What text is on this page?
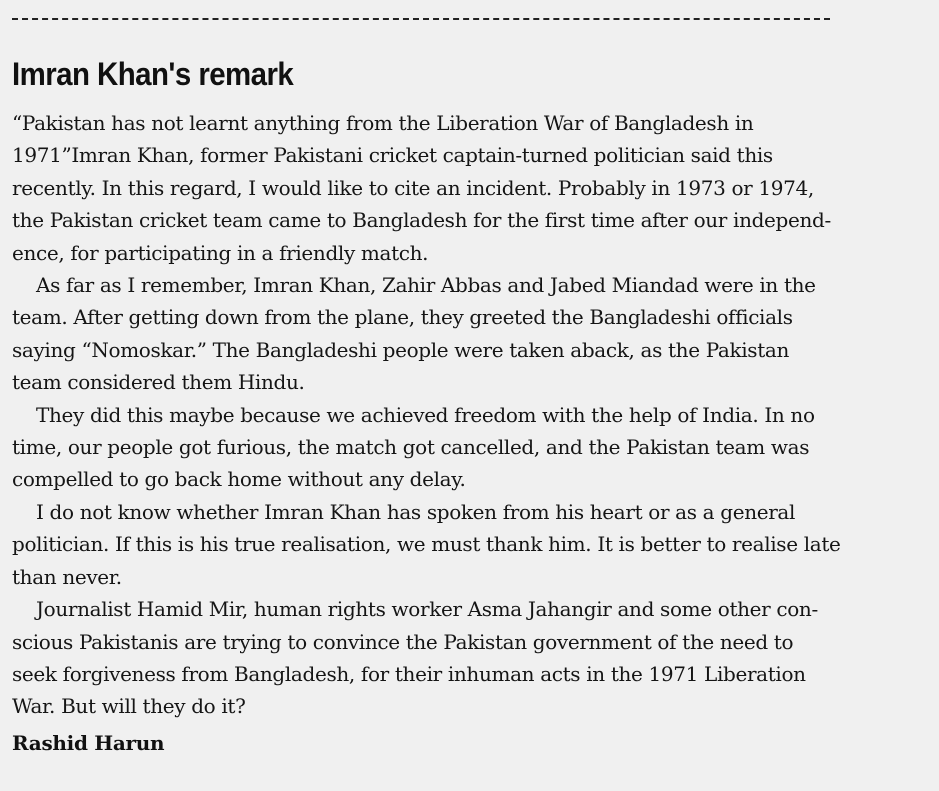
Imran Khan's remark
“Pakistan has not learnt anything from the Liberation War of Bangladesh in
1971”Imran Khan, former Pakistani cricket captain-turned politician said this
recently. In this regard, I would like to cite an incident. Probably in 1973 or 1974,
the Pakistan cricket team came to Bangladesh for the first time after our independ-
ence, for participating in a friendly match.
As far as I remember, Imran Khan, Zahir Abbas and Jabed Miandad were in the
team. After getting down from the plane, they greeted the Bangladeshi officials
saying “Nomoskar.” The Bangladeshi people were taken aback, as the Pakistan
team considered them Hindu.
They did this maybe because we achieved freedom with the help of India. In no
time, our people got furious, the match got cancelled, and the Pakistan team was
compelled to go back home without any delay.
I do not know whether Imran Khan has spoken from his heart or as a general
politician. If this is his true realisation, we must thank him. It is better to realise late
than never.
Journalist Hamid Mir, human rights worker Asma Jahangir and some other con-
scious Pakistanis are trying to convince the Pakistan government of the need to
seek forgiveness from Bangladesh, for their inhuman acts in the 1971 Liberation
War. But will they do it?
Rashid Harun
